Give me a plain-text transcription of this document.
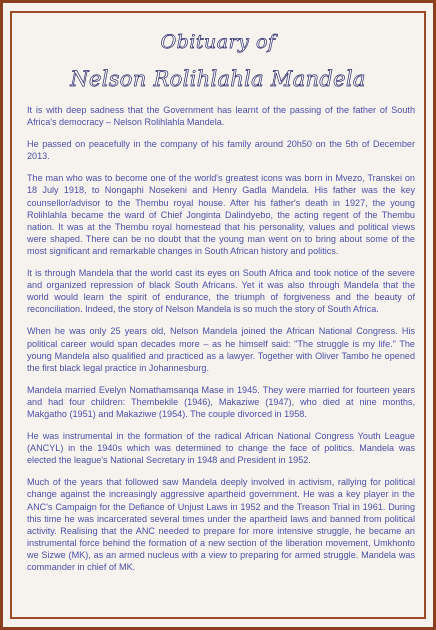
Obituary of
Nelson Rolihlahla Mandela

It is with deep sadness that the Government has learnt of the passing of the father of South Africa's democracy – Nelson Rolihlahla Mandela.

He passed on peacefully in the company of his family around 20h50 on the 5th of December 2013.

The man who was to become one of the world's greatest icons was born in Mvezo, Transkei on 18 July 1918, to Nongaphi Nosekeni and Henry Gadla Mandela. His father was the key counsellor/advisor to the Thembu royal house. After his father's death in 1927, the young Rolihlahla became the ward of Chief Jonginta Dalindyebo, the acting regent of the Thembu nation. It was at the Thembu royal homestead that his personality, values and political views were shaped. There can be no doubt that the young man went on to bring about some of the most significant and remarkable changes in South African history and politics.

It is through Mandela that the world cast its eyes on South Africa and took notice of the severe and organized repression of black South Africans. Yet it was also through Mandela that the world would learn the spirit of endurance, the triumph of forgiveness and the beauty of reconciliation. Indeed, the story of Nelson Mandela is so much the story of South Africa.

When he was only 25 years old, Nelson Mandela joined the African National Congress. His political career would span decades more – as he himself said: "The struggle is my life." The young Mandela also qualified and practiced as a lawyer. Together with Oliver Tambo he opened the first black legal practice in Johannesburg.

Mandela married Evelyn Nomathamsanqa Mase in 1945. They were married for fourteen years and had four children: Thembekile (1946), Makaziwe (1947), who died at nine months, Makgatho (1951) and Makaziwe (1954). The couple divorced in 1958.

He was instrumental in the formation of the radical African National Congress Youth League (ANCYL) in the 1940s which was determined to change the face of politics. Mandela was elected the league's National Secretary in 1948 and President in 1952.

Much of the years that followed saw Mandela deeply involved in activism, rallying for political change against the increasingly aggressive apartheid government. He was a key player in the ANC's Campaign for the Defiance of Unjust Laws in 1952 and the Treason Trial in 1961. During this time he was incarcerated several times under the apartheid laws and banned from political activity. Realising that the ANC needed to prepare for more intensive struggle, he became an instrumental force behind the formation of a new section of the liberation movement, Umkhonto we Sizwe (MK), as an armed nucleus with a view to preparing for armed struggle. Mandela was commander in chief of MK.
